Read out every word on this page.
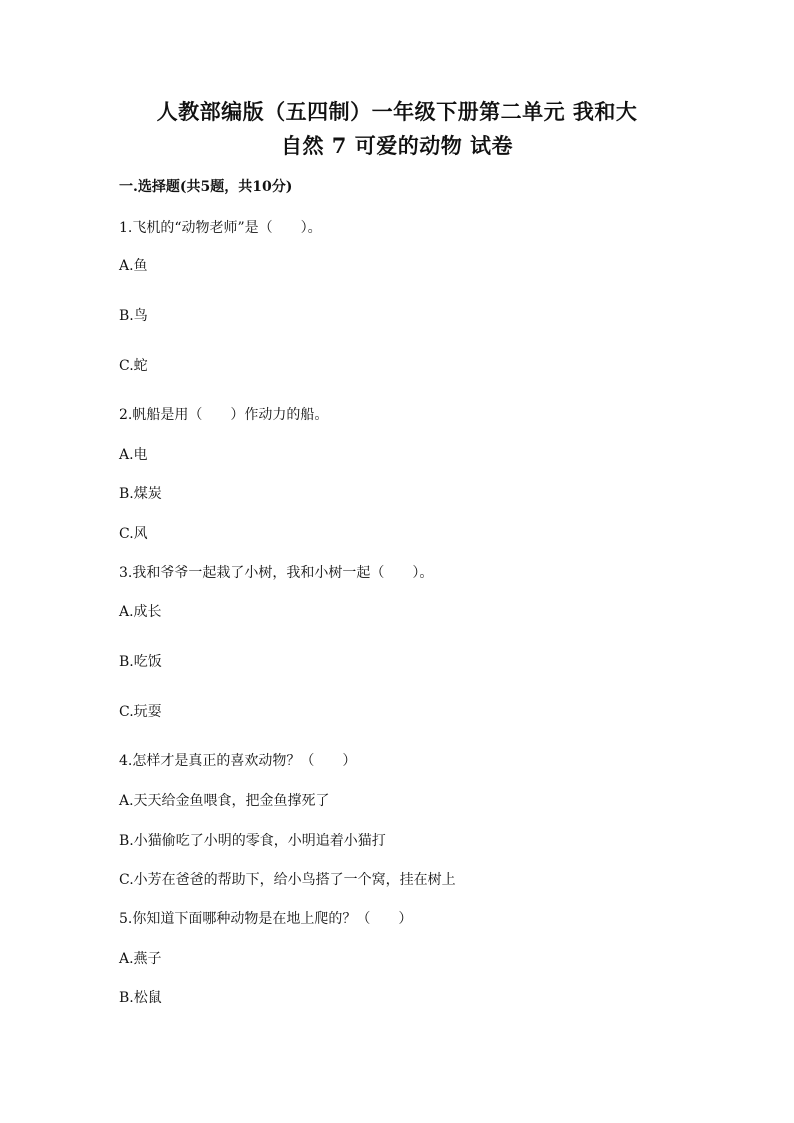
人教部编版（五四制）一年级下册第二单元 我和大
自然 7 可爱的动物 试卷
一.选择题(共5题，共10分)
1.飞机的“动物老师”是（　　）。
A.鱼
B.鸟
C.蛇
2.帆船是用（　　）作动力的船。
A.电
B.煤炭
C.风
3.我和爷爷一起栽了小树，我和小树一起（　　）。
A.成长
B.吃饭
C.玩耍
4.怎样才是真正的喜欢动物？（　　）
A.天天给金鱼喂食，把金鱼撑死了
B.小猫偷吃了小明的零食，小明追着小猫打
C.小芳在爸爸的帮助下，给小鸟搭了一个窝，挂在树上
5.你知道下面哪种动物是在地上爬的？（　　）
A.燕子
B.松鼠
